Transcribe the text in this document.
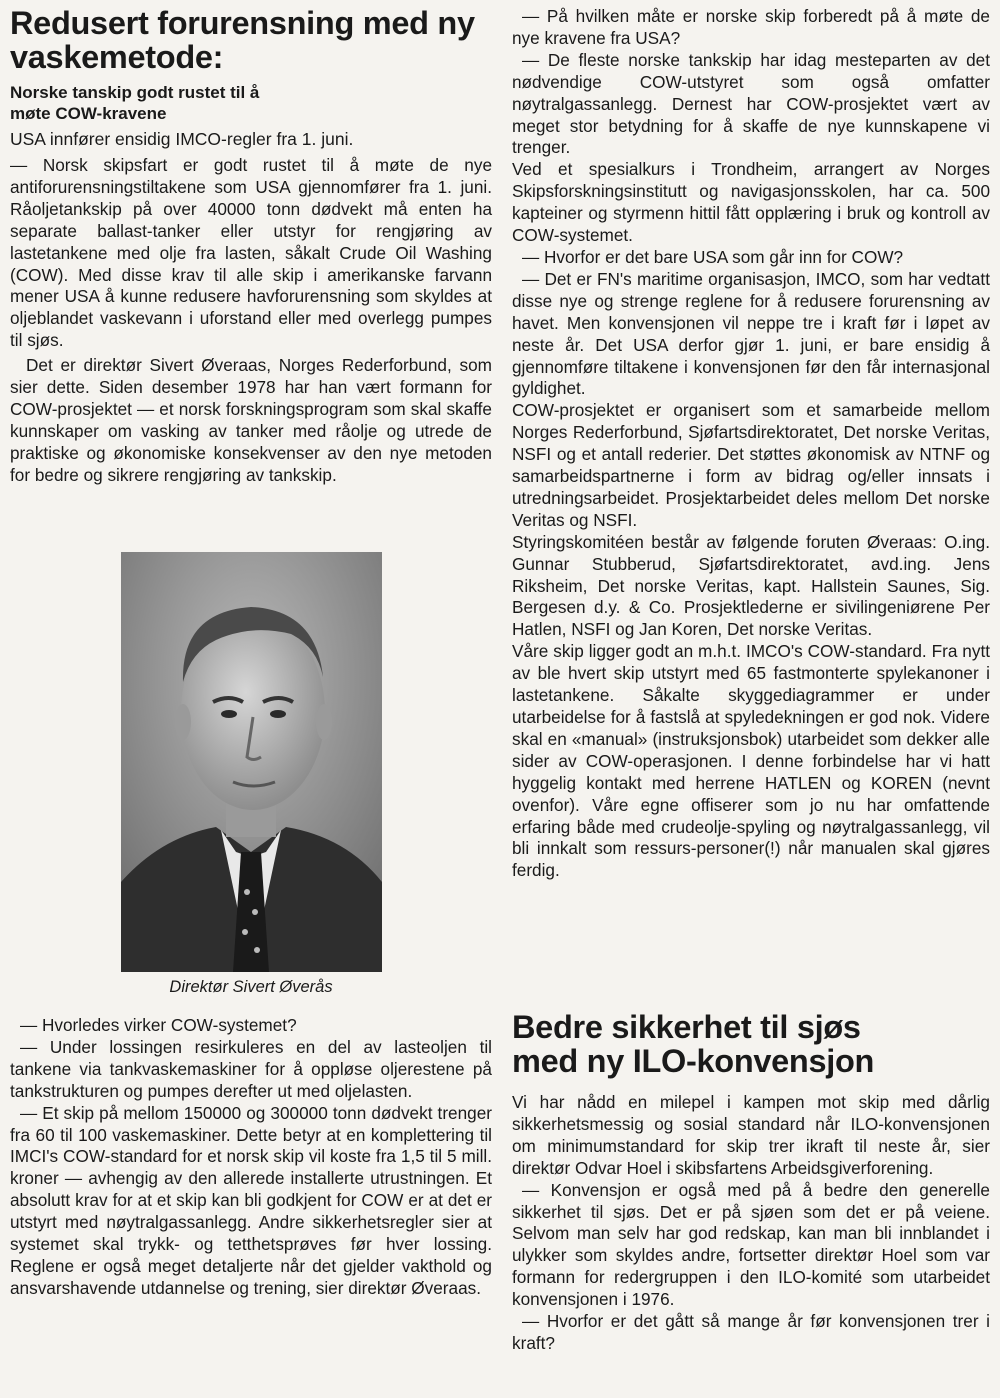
Redusert forurensning med ny vaskemetode:
Norske tanskip godt rustet til å møte COW-kravene

USA innfører ensidig IMCO-regler fra 1. juni.

— Norsk skipsfart er godt rustet til å møte de nye antiforurensningstiltakene som USA gjennomfører fra 1. juni. Råoljetankskip på over 40000 tonn dødvekt må enten ha separate ballast-tanker eller utstyr for rengjøring av lastetankene med olje fra lasten, såkalt Crude Oil Washing (COW). Med disse krav til alle skip i amerikanske farvann mener USA å kunne redusere havforurensning som skyldes at oljeblandet vaskevann i uforstand eller med overlegg pumpes til sjøs.

Det er direktør Sivert Øveraas, Norges Rederforbund, som sier dette. Siden desember 1978 har han vært formann for COW-prosjektet — et norsk forskningsprogram som skal skaffe kunnskaper om vasking av tanker med råolje og utrede de praktiske og økonomiske konsekvenser av den nye metoden for bedre og sikrere rengjøring av tankskip.

Direktør Sivert Øverås

— Hvorledes virker COW-systemet?

— Under lossingen resirkuleres en del av lasteoljen til tankene via tankvaskemaskiner for å oppløse oljerestene på tankstrukturen og pumpes derefter ut med oljelasten.

— Et skip på mellom 150000 og 300000 tonn dødvekt trenger fra 60 til 100 vaskemaskiner. Dette betyr at en komplettering til IMCI's COW-standard for et norsk skip vil koste fra 1,5 til 5 mill. kroner — avhengig av den allerede installerte utrustningen. Et absolutt krav for at et skip kan bli godkjent for COW er at det er utstyrt med nøytralgassanlegg. Andre sikkerhetsregler sier at systemet skal trykk- og tetthetsprøves før hver lossing. Reglene er også meget detaljerte når det gjelder vakthold og ansvarshavende utdannelse og trening, sier direktør Øveraas.

— På hvilken måte er norske skip forberedt på å møte de nye kravene fra USA?

— De fleste norske tankskip har idag mesteparten av det nødvendige COW-utstyret som også omfatter nøytralgassanlegg. Dernest har COW-prosjektet vært av meget stor betydning for å skaffe de nye kunnskapene vi trenger.

Ved et spesialkurs i Trondheim, arrangert av Norges Skipsforskningsinstitutt og navigasjonsskolen, har ca. 500 kapteiner og styrmenn hittil fått opplæring i bruk og kontroll av COW-systemet.

— Hvorfor er det bare USA som går inn for COW?

— Det er FN's maritime organisasjon, IMCO, som har vedtatt disse nye og strenge reglene for å redusere forurensning av havet. Men konvensjonen vil neppe tre i kraft før i løpet av neste år. Det USA derfor gjør 1. juni, er bare ensidig å gjennomføre tiltakene i konvensjonen før den får internasjonal gyldighet.

COW-prosjektet er organisert som et samarbeide mellom Norges Rederforbund, Sjøfartsdirektoratet, Det norske Veritas, NSFI og et antall rederier. Det støttes økonomisk av NTNF og samarbeidspartnerne i form av bidrag og/eller innsats i utredningsarbeidet. Prosjektarbeidet deles mellom Det norske Veritas og NSFI.

Styringskomitéen består av følgende foruten Øveraas: O.ing. Gunnar Stubberud, Sjøfartsdirektoratet, avd.ing. Jens Riksheim, Det norske Veritas, kapt. Hallstein Saunes, Sig. Bergesen d.y. & Co. Prosjektlederne er sivilingeniørene Per Hatlen, NSFI og Jan Koren, Det norske Veritas.

Våre skip ligger godt an m.h.t. IMCO's COW-standard. Fra nytt av ble hvert skip utstyrt med 65 fastmonterte spylekanoner i lastetankene. Såkalte skyggediagrammer er under utarbeidelse for å fastslå at spyledekningen er god nok. Videre skal en «manual» (instruksjonsbok) utarbeidet som dekker alle sider av COW-operasjonen. I denne forbindelse har vi hatt hyggelig kontakt med herrene HATLEN og KOREN (nevnt ovenfor). Våre egne offiserer som jo nu har omfattende erfaring både med crudeolje-spyling og nøytralgassanlegg, vil bli innkalt som ressurs-personer(!) når manualen skal gjøres ferdig.

Bedre sikkerhet til sjøs
med ny ILO-konvensjon

Vi har nådd en milepel i kampen mot skip med dårlig sikkerhetsmessig og sosial standard når ILO-konvensjonen om minimumstandard for skip trer ikraft til neste år, sier direktør Odvar Hoel i skibsfartens Arbeidsgiverforening.

— Konvensjon er også med på å bedre den generelle sikkerhet til sjøs. Det er på sjøen som det er på veiene. Selvom man selv har god redskap, kan man bli innblandet i ulykker som skyldes andre, fortsetter direktør Hoel som var formann for redergruppen i den ILO-komité som utarbeidet konvensjonen i 1976.

— Hvorfor er det gått så mange år før konvensjonen trer i kraft?
